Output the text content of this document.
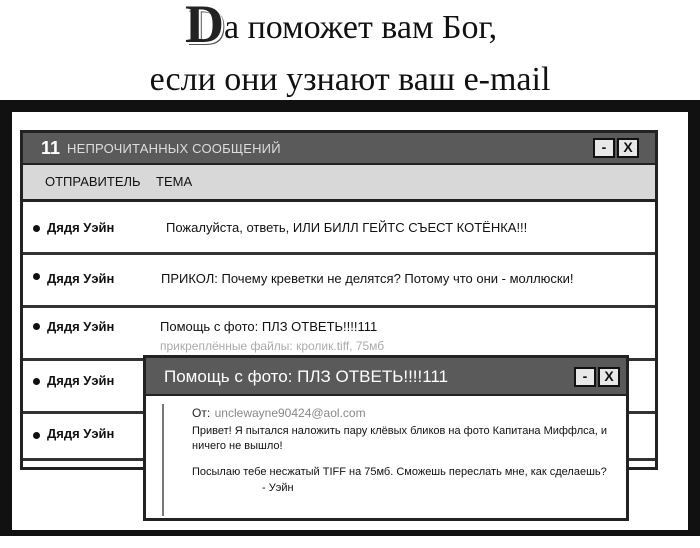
Dа поможет вам Бог,
если они узнают ваш e-mail
11 НЕПРОЧИТАННЫХ СООБЩЕНИЙ	-	X
ОТПРАВИТЕЛЬ ТЕМА
Дядя Уэйн	Пожалуйста, ответь, ИЛИ БИЛЛ ГЕЙТС СЪЕСТ КОТЁНКА!!!
Дядя Уэйн	ПРИКОЛ: Почему креветки не делятся? Потому что они - моллюски!
Дядя Уэйн	Помощь с фото: ПЛЗ ОТВЕТЬ!!!!111
прикреплённые файлы: кролик.tiff, 75мб
Дядя Уэйн
Дядя Уэйн
Помощь с фото: ПЛЗ ОТВЕТЬ!!!!111	-	X
От: unclewayne90424@aol.com
Привет! Я пытался наложить пару клёвых бликов на фото Капитана Миффлса, и ничего не вышло!
Посылаю тебе несжатый TIFF на 75мб. Сможешь переслать мне, как сделаешь?
- Уэйн
